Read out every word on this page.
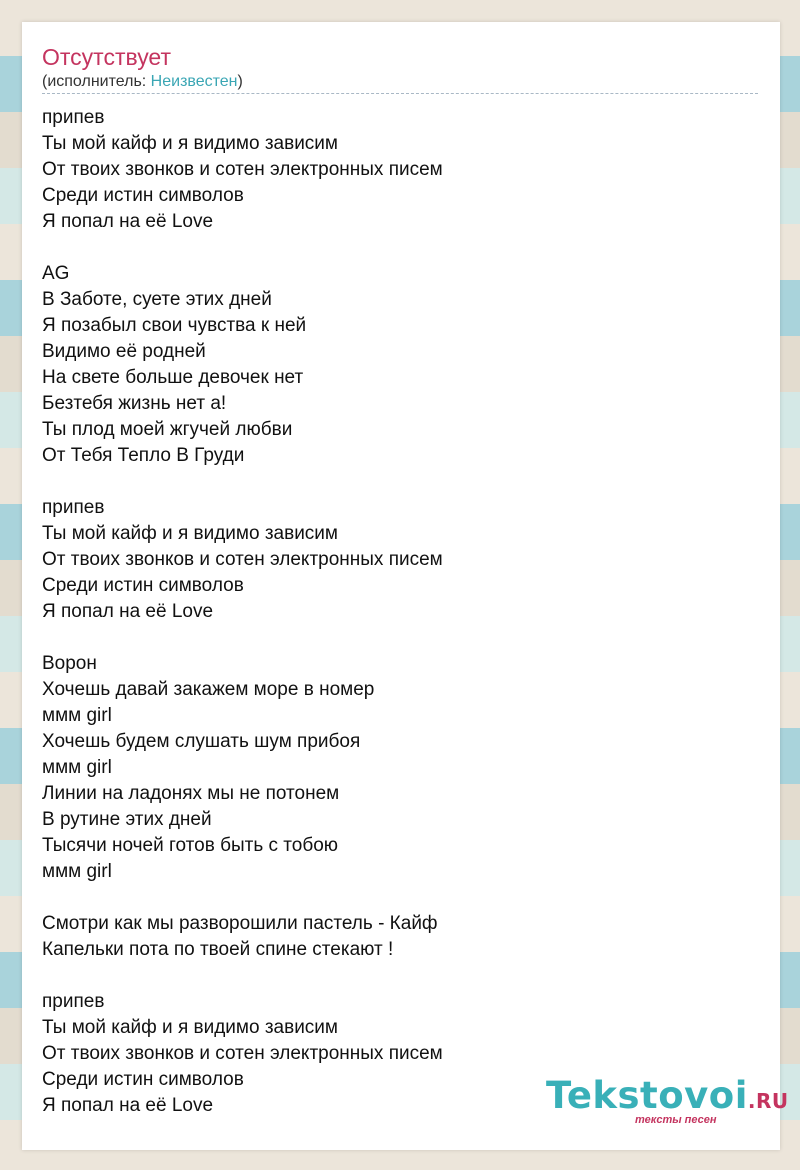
Отсутствует
(исполнитель: Неизвестен)
припев
Ты мой кайф и я видимо зависим
От твоих звонков и сотен электронных писем
Среди истин символов
Я попал на её Love
AG
В Заботе, суете этих дней
Я позабыл свои чувства к ней
Видимо её родней
На свете больше девочек нет
Безтебя жизнь нет а!
Ты плод моей жгучей любви
От Тебя Тепло В Груди
припев
Ты мой кайф и я видимо зависим
От твоих звонков и сотен электронных писем
Среди истин символов
Я попал на её Love
Ворон
Хочешь давай закажем море в номер
ммм girl
Хочешь будем слушать шум прибоя
ммм girl
Линии на ладонях мы не потонем
В рутине этих дней
Тысячи ночей готов быть с тобою
ммм girl
Смотри как мы разворошили пастель - Кайф
Капельки пота по твоей спине стекают !
припев
Ты мой кайф и я видимо зависим
От твоих звонков и сотен электронных писем
Среди истин символов
Я попал на её Love	Tekstovoi.RU
тексты песен
